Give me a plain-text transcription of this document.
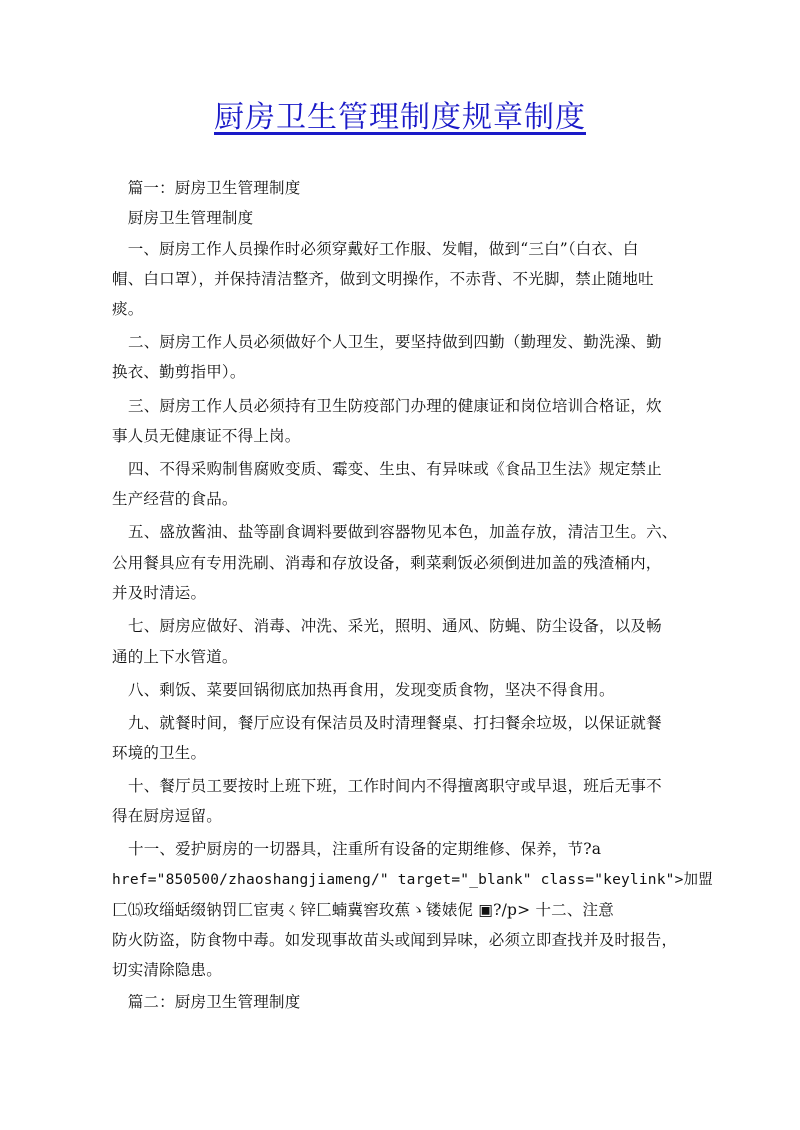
厨房卫生管理制度规章制度
　篇一：厨房卫生管理制度
　厨房卫生管理制度
　一、厨房工作人员操作时必须穿戴好工作服、发帽，做到“三白”（白衣、白
帽、白口罩），并保持清洁整齐，做到文明操作，不赤背、不光脚，禁止随地吐
痰。
二、厨房工作人员必须做好个人卫生，要坚持做到四勤（勤理发、勤洗澡、勤
换衣、勤剪指甲）。
三、厨房工作人员必须持有卫生防疫部门办理的健康证和岗位培训合格证，炊
事人员无健康证不得上岗。
四、不得采购制售腐败变质、霉变、生虫、有异味或《食品卫生法》规定禁止
生产经营的食品。
五、盛放酱油、盐等副食调料要做到容器物见本色，加盖存放，清洁卫生。六、
公用餐具应有专用洗刷、消毒和存放设备，剩菜剩饭必须倒进加盖的残渣桶内，
并及时清运。
七、厨房应做好、消毒、冲洗、采光，照明、通风、防蝇、防尘设备，以及畅
通的上下水管道。
八、剩饭、菜要回锅彻底加热再食用，发现变质食物，坚决不得食用。
九、就餐时间，餐厅应设有保洁员及时清理餐桌、打扫餐余垃圾，以保证就餐
环境的卫生。
十、餐厅员工要按时上班下班，工作时间内不得擅离职守或早退，班后无事不
得在厨房逗留。
十一、爱护厨房的一切器具，注重所有设备的定期维修、保养，节?a
href="850500/zhaoshangjiameng/" target="_blank" class="keylink">加盟
匚⒂玫缁蛞缀钠罚匚宦夷ㄑ锌匚蝻冀窖玫蕉ゝ镂婊伲 ▣?/p> 十二、注意
防火防盗，防食物中毒。如发现事故苗头或闻到异味，必须立即查找并及时报告，
切实清除隐患。
　篇二：厨房卫生管理制度
